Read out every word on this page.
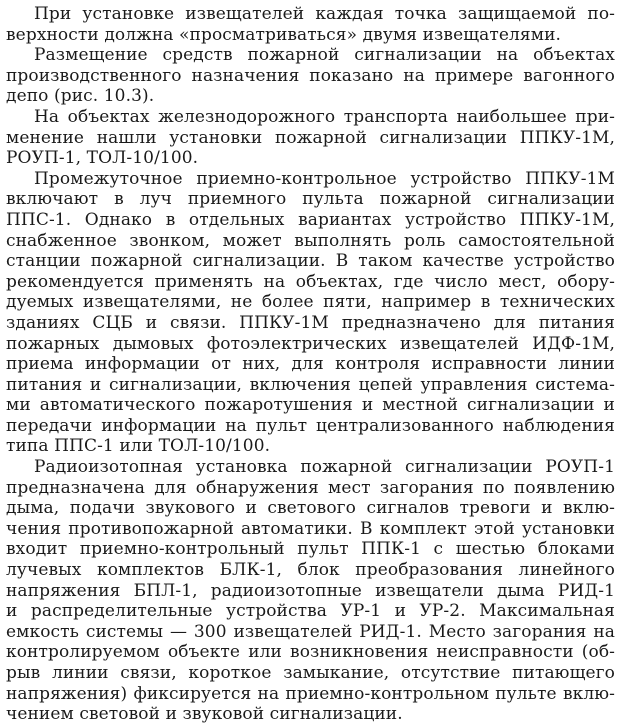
При установке извещателей каждая точка защищаемой по-
верхности должна «просматриваться» двумя извещателями.

Размещение средств пожарной сигнализации на объектах
производственного назначения показано на примере вагонного
депо (рис. 10.3).

На объектах железнодорожного транспорта наибольшее при-
менение нашли установки пожарной сигнализации ППКУ-1М,
РОУП-1, ТОЛ-10/100.

Промежуточное приемно-контрольное устройство ППКУ-1М
включают в луч приемного пульта пожарной сигнализации
ППС-1. Однако в отдельных вариантах устройство ППКУ-1М,
снабженное звонком, может выполнять роль самостоятельной
станции пожарной сигнализации. В таком качестве устройство
рекомендуется применять на объектах, где число мест, обору-
дуемых извещателями, не более пяти, например в технических
зданиях СЦБ и связи. ППКУ-1М предназначено для питания
пожарных дымовых фотоэлектрических извещателей ИДФ-1М,
приема информации от них, для контроля исправности линии
питания и сигнализации, включения цепей управления система-
ми автоматического пожаротушения и местной сигнализации и
передачи информации на пульт централизованного наблюдения
типа ППС-1 или ТОЛ-10/100.

Радиоизотопная установка пожарной сигнализации РОУП-1
предназначена для обнаружения мест загорания по появлению
дыма, подачи звукового и светового сигналов тревоги и вклю-
чения противопожарной автоматики. В комплект этой установки
входит приемно-контрольный пульт ППК-1 с шестью блоками
лучевых комплектов БЛК-1, блок преобразования линейного
напряжения БПЛ-1, радиоизотопные извещатели дыма РИД-1
и распределительные устройства УР-1 и УР-2. Максимальная
емкость системы — 300 извещателей РИД-1. Место загорания на
контролируемом объекте или возникновения неисправности (об-
рыв линии связи, короткое замыкание, отсутствие питающего
напряжения) фиксируется на приемно-контрольном пульте вклю-
чением световой и звуковой сигнализации.
